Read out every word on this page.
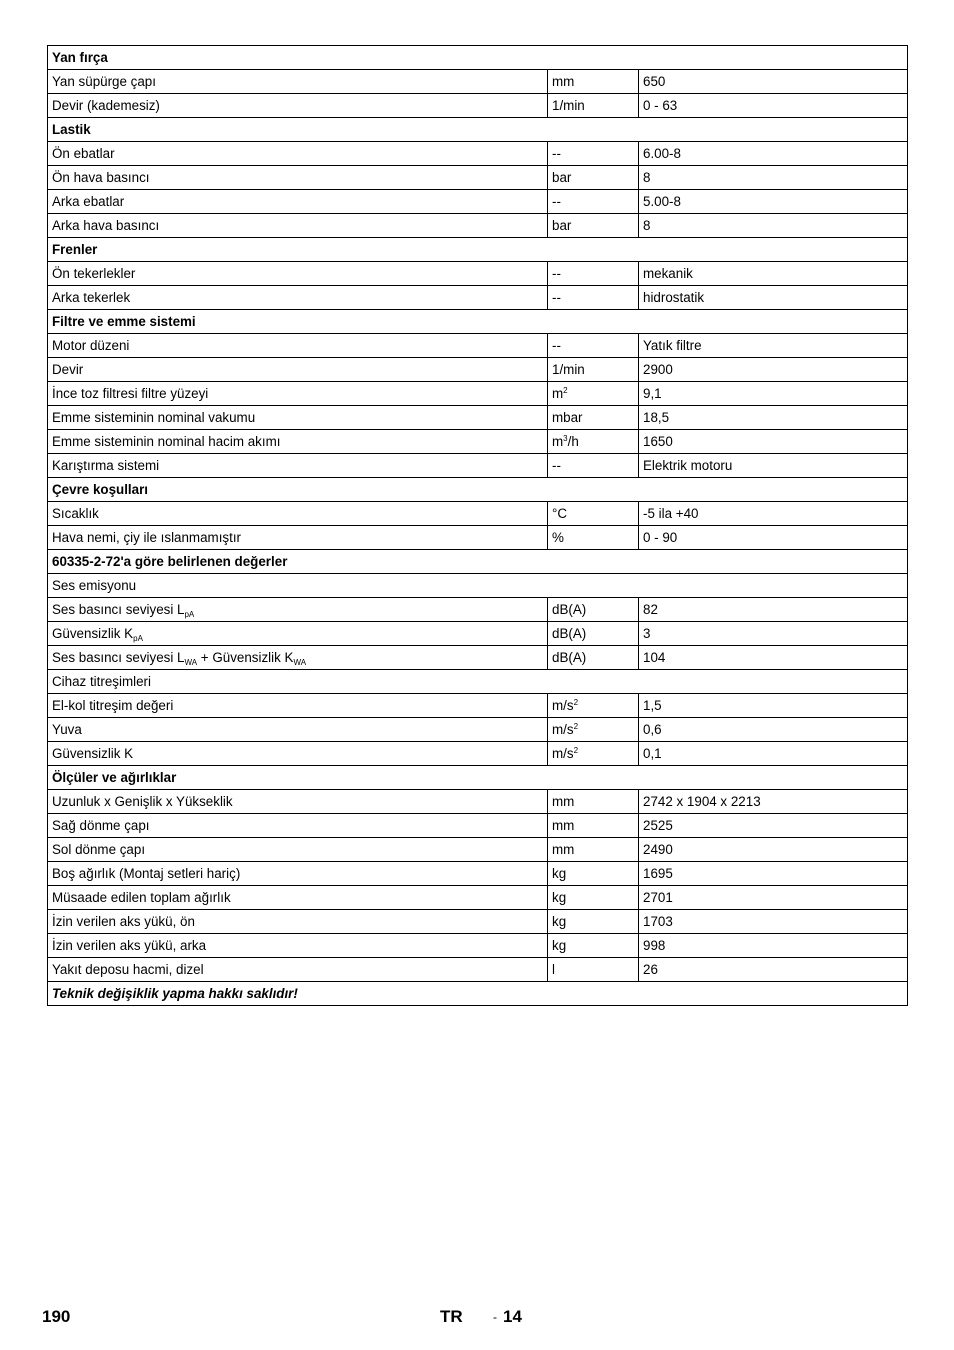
Yan fırça		
Yan süpürge çapı	mm	650
Devir (kademesiz)	1/min	0 - 63
Lastik		
Ön ebatlar	--	6.00-8
Ön hava basıncı	bar	8
Arka ebatlar	--	5.00-8
Arka hava basıncı	bar	8
Frenler		
Ön tekerlekler	--	mekanik
Arka tekerlek	--	hidrostatik
Filtre ve emme sistemi		
Motor düzeni	--	Yatık filtre
Devir	1/min	2900
İnce toz filtresi filtre yüzeyi	$m^2$	9,1
Emme sisteminin nominal vakumu	mbar	18,5
Emme sisteminin nominal hacim akımı	$m^3/h$	1650
Karıştırma sistemi	--	Elektrik motoru
Çevre koşulları		
Sıcaklık	°C	-5 ila +40
Hava nemi, çiy ile ıslanmamıştır	%	0 - 90
60335-2-72'a göre belirlenen değerler		
Ses emisyonu		
Ses basıncı seviyesi $L_{pA}$	dB(A)	82
Güvensizlik $K_{pA}$	dB(A)	3
Ses basıncı seviyesi $L_{WA}$ + Güvensizlik $K_{WA}$	dB(A)	104
Cihaz titreşimleri		
El-kol titreşim değeri	$m/s^2$	1,5
Yuva	$m/s^2$	0,6
Güvensizlik K	$m/s^2$	0,1
Ölçüler ve ağırlıklar		
Uzunluk x Genişlik x Yükseklik	mm	2742 x 1904 x 2213
Sağ dönme çapı	mm	2525
Sol dönme çapı	mm	2490
Boş ağırlık (Montaj setleri hariç)	kg	1695
Müsaade edilen toplam ağırlık	kg	2701
İzin verilen aks yükü, ön	kg	1703
İzin verilen aks yükü, arka	kg	998
Yakıt deposu hacmi, dizel	l	26
Teknik değişiklik yapma hakkı saklıdır!		
190	TR	- 14
